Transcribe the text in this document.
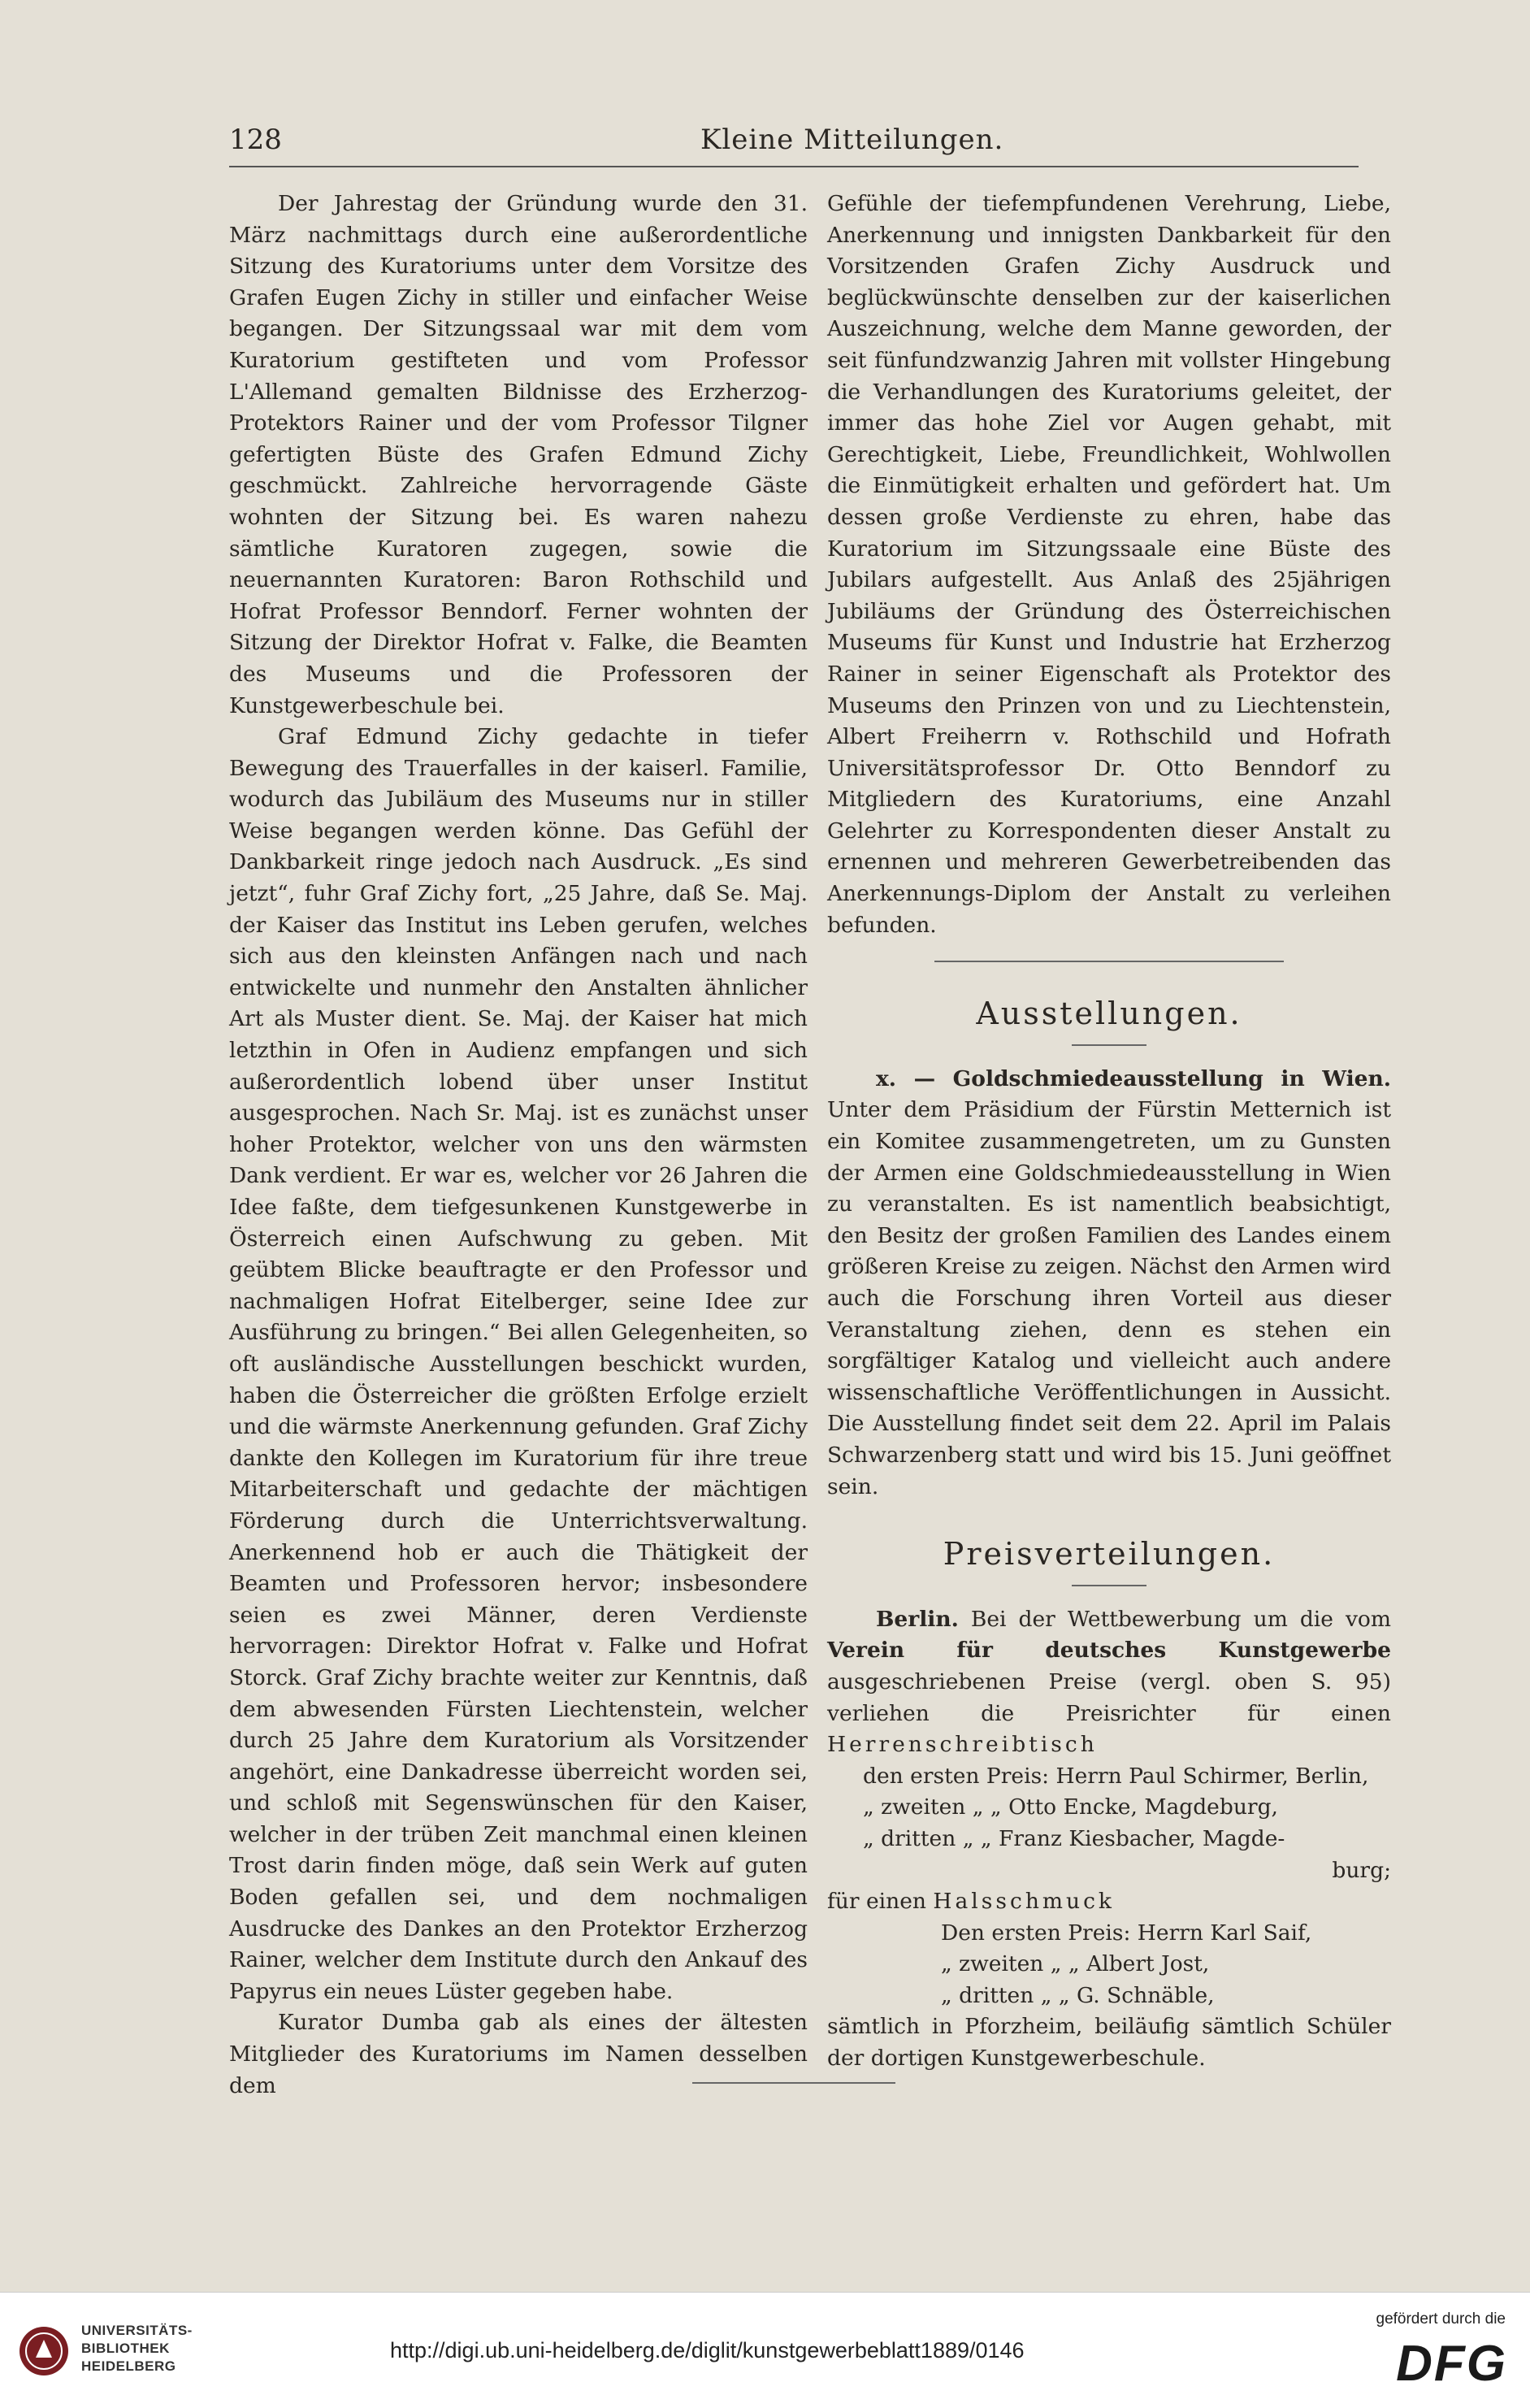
128	Kleine Mitteilungen.

Der Jahrestag der Gründung wurde den 31. März nachmittags durch eine außerordentliche Sitzung des Kuratoriums unter dem Vorsitze des Grafen Eugen Zichy in stiller und einfacher Weise begangen. Der Sitzungssaal war mit dem vom Kuratorium gestifteten und vom Professor L'Allemand gemalten Bildnisse des Erzherzog-Protektors Rainer und der vom Professor Tilgner gefertigten Büste des Grafen Edmund Zichy geschmückt. Zahlreiche hervorragende Gäste wohnten der Sitzung bei. Es waren nahezu sämtliche Kuratoren zugegen, sowie die neuernannten Kuratoren: Baron Rothschild und Hofrat Professor Benndorf. Ferner wohnten der Sitzung der Direktor Hofrat v. Falke, die Beamten des Museums und die Professoren der Kunstgewerbeschule bei.

Graf Edmund Zichy gedachte in tiefer Bewegung des Trauerfalles in der kaiserl. Familie, wodurch das Jubiläum des Museums nur in stiller Weise begangen werden könne. Das Gefühl der Dankbarkeit ringe jedoch nach Ausdruck. „Es sind jetzt“, fuhr Graf Zichy fort, „25 Jahre, daß Se. Maj. der Kaiser das Institut ins Leben gerufen, welches sich aus den kleinsten Anfängen nach und nach entwickelte und nunmehr den Anstalten ähnlicher Art als Muster dient. Se. Maj. der Kaiser hat mich letzthin in Ofen in Audienz empfangen und sich außerordentlich lobend über unser Institut ausgesprochen. Nach Sr. Maj. ist es zunächst unser hoher Protektor, welcher von uns den wärmsten Dank verdient. Er war es, welcher vor 26 Jahren die Idee faßte, dem tiefgesunkenen Kunstgewerbe in Österreich einen Aufschwung zu geben. Mit geübtem Blicke beauftragte er den Professor und nachmaligen Hofrat Eitelberger, seine Idee zur Ausführung zu bringen.“ Bei allen Gelegenheiten, so oft ausländische Ausstellungen beschickt wurden, haben die Österreicher die größten Erfolge erzielt und die wärmste Anerkennung gefunden. Graf Zichy dankte den Kollegen im Kuratorium für ihre treue Mitarbeiterschaft und gedachte der mächtigen Förderung durch die Unterrichtsverwaltung. Anerkennend hob er auch die Thätigkeit der Beamten und Professoren hervor; insbesondere seien es zwei Männer, deren Verdienste hervorragen: Direktor Hofrat v. Falke und Hofrat Storck. Graf Zichy brachte weiter zur Kenntnis, daß dem abwesenden Fürsten Liechtenstein, welcher durch 25 Jahre dem Kuratorium als Vorsitzender angehört, eine Dankadresse überreicht worden sei, und schloß mit Segenswünschen für den Kaiser, welcher in der trüben Zeit manchmal einen kleinen Trost darin finden möge, daß sein Werk auf guten Boden gefallen sei, und dem nochmaligen Ausdrucke des Dankes an den Protektor Erzherzog Rainer, welcher dem Institute durch den Ankauf des Papyrus ein neues Lüster gegeben habe.

Kurator Dumba gab als eines der ältesten Mitglieder des Kuratoriums im Namen desselben dem

Gefühle der tiefempfundenen Verehrung, Liebe, Anerkennung und innigsten Dankbarkeit für den Vorsitzenden Grafen Zichy Ausdruck und beglückwünschte denselben zur der kaiserlichen Auszeichnung, welche dem Manne geworden, der seit fünfundzwanzig Jahren mit vollster Hingebung die Verhandlungen des Kuratoriums geleitet, der immer das hohe Ziel vor Augen gehabt, mit Gerechtigkeit, Liebe, Freundlichkeit, Wohlwollen die Einmütigkeit erhalten und gefördert hat. Um dessen große Verdienste zu ehren, habe das Kuratorium im Sitzungssaale eine Büste des Jubilars aufgestellt. Aus Anlaß des 25jährigen Jubiläums der Gründung des Österreichischen Museums für Kunst und Industrie hat Erzherzog Rainer in seiner Eigenschaft als Protektor des Museums den Prinzen von und zu Liechtenstein, Albert Freiherrn v. Rothschild und Hofrath Universitätsprofessor Dr. Otto Benndorf zu Mitgliedern des Kuratoriums, eine Anzahl Gelehrter zu Korrespondenten dieser Anstalt zu ernennen und mehreren Gewerbetreibenden das Anerkennungs-Diplom der Anstalt zu verleihen befunden.

Ausstellungen.

x. — Goldschmiedeausstellung in Wien. Unter dem Präsidium der Fürstin Metternich ist ein Komitee zusammengetreten, um zu Gunsten der Armen eine Goldschmiedeausstellung in Wien zu veranstalten. Es ist namentlich beabsichtigt, den Besitz der großen Familien des Landes einem größeren Kreise zu zeigen. Nächst den Armen wird auch die Forschung ihren Vorteil aus dieser Veranstaltung ziehen, denn es stehen ein sorgfältiger Katalog und vielleicht auch andere wissenschaftliche Veröffentlichungen in Aussicht. Die Ausstellung findet seit dem 22. April im Palais Schwarzenberg statt und wird bis 15. Juni geöffnet sein.

Preisverteilungen.

Berlin. Bei der Wettbewerbung um die vom Verein für deutsches Kunstgewerbe ausgeschriebenen Preise (vergl. oben S. 95) verliehen die Preisrichter für einen Herrenschreibtisch

den ersten Preis: Herrn Paul Schirmer, Berlin,
„ zweiten „ „ Otto Encke, Magdeburg,
„ dritten „ „ Franz Kiesbacher, Magde-
burg;

für einen Halsschmuck

Den ersten Preis: Herrn Karl Saif,
„ zweiten „ „ Albert Jost,
„ dritten „ „ G. Schnäble,

sämtlich in Pforzheim, beiläufig sämtlich Schüler der dortigen Kunstgewerbeschule.

UNIVERSITÄTS-
BIBLIOTHEK
HEIDELBERG
http://digi.ub.uni-heidelberg.de/diglit/kunstgewerbeblatt1889/0146
gefördert durch die
DFG
